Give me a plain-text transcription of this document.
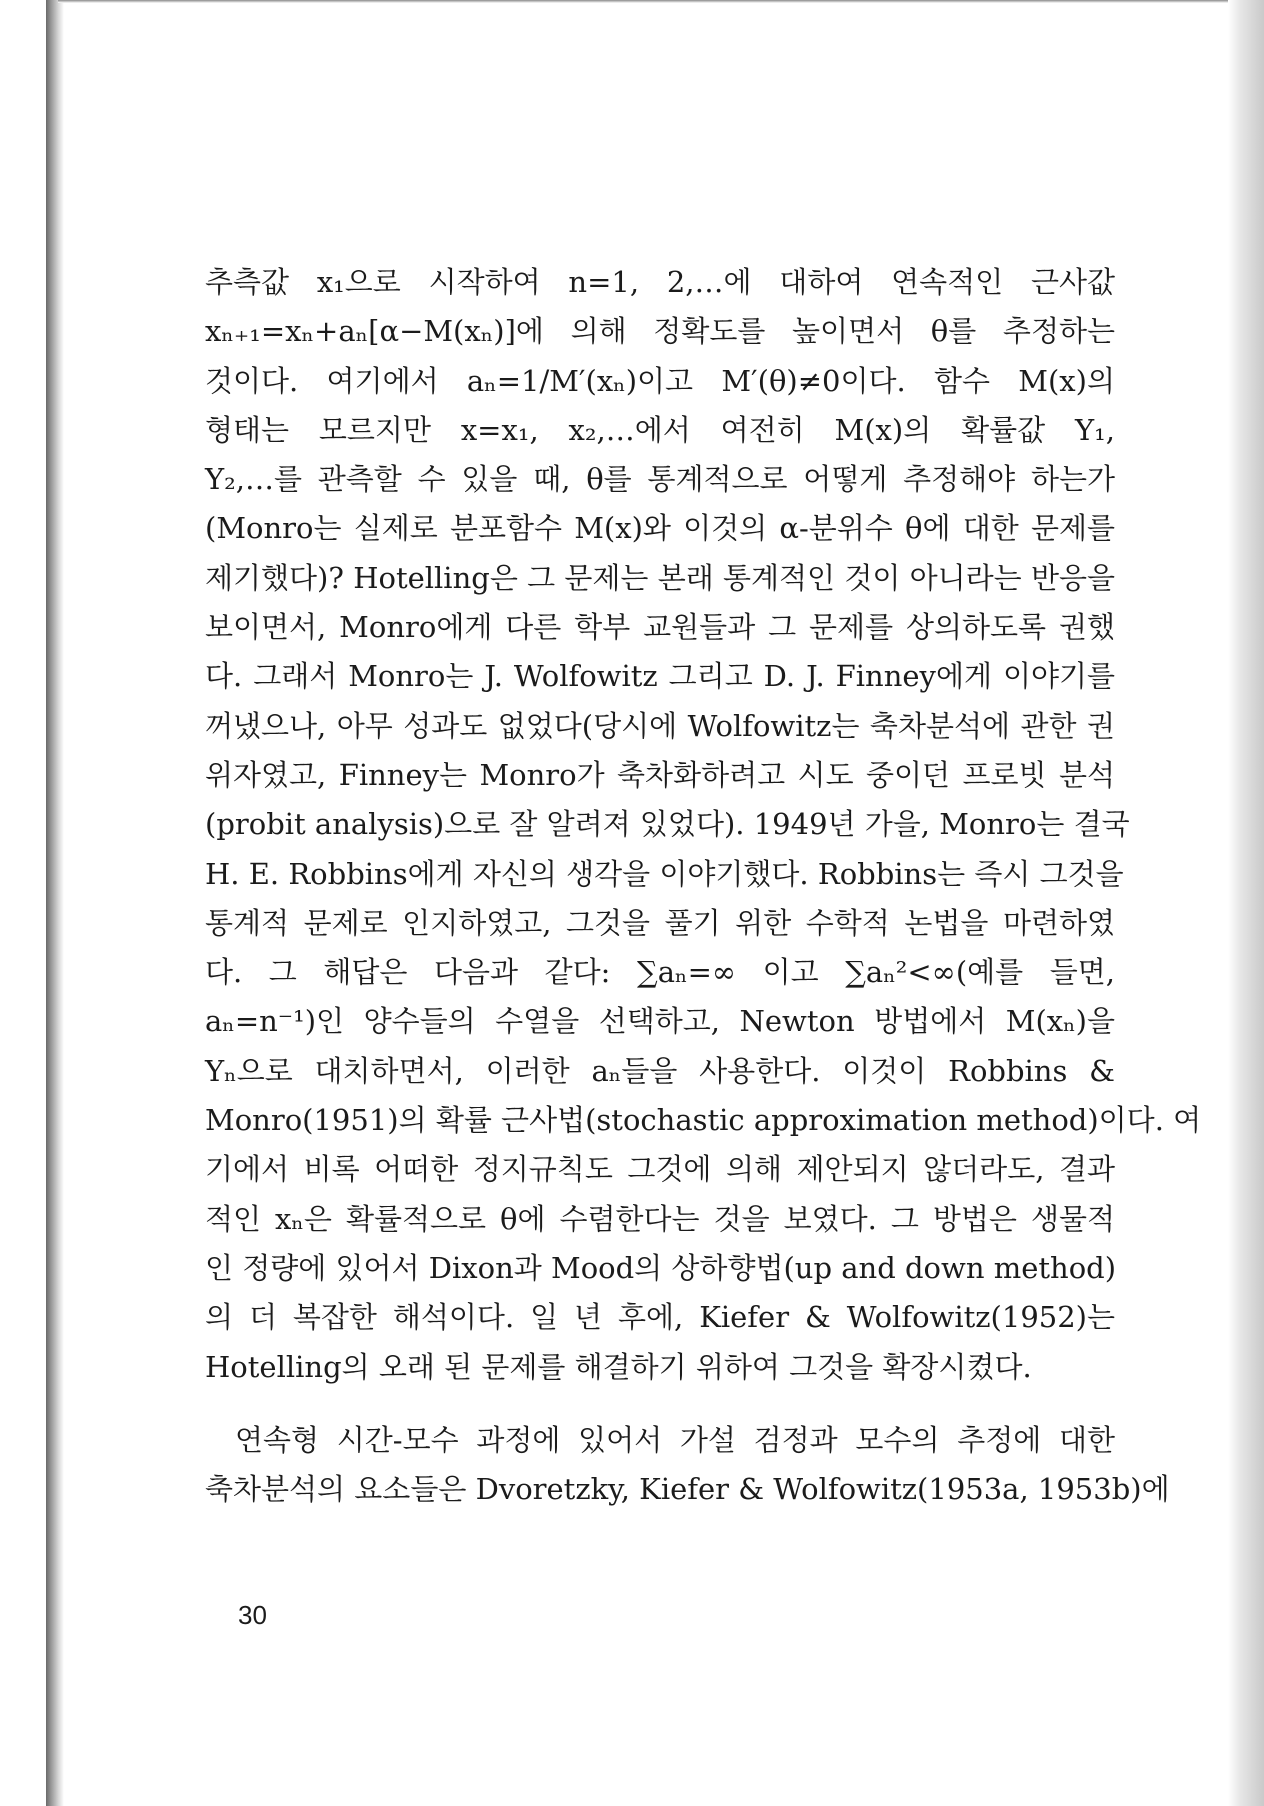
추측값 x₁으로 시작하여 n=1, 2,…에 대하여 연속적인 근사값
xₙ₊₁=xₙ+aₙ[α−M(xₙ)]에 의해 정확도를 높이면서 θ를 추정하는
것이다. 여기에서 aₙ=1/M′(xₙ)이고 M′(θ)≠0이다. 함수 M(x)의
형태는 모르지만 x=x₁, x₂,…에서 여전히 M(x)의 확률값 Y₁,
Y₂,…를 관측할 수 있을 때, θ를 통계적으로 어떻게 추정해야 하는가
(Monro는 실제로 분포함수 M(x)와 이것의 α-분위수 θ에 대한 문제를
제기했다)? Hotelling은 그 문제는 본래 통계적인 것이 아니라는 반응을
보이면서, Monro에게 다른 학부 교원들과 그 문제를 상의하도록 권했
다. 그래서 Monro는 J. Wolfowitz 그리고 D. J. Finney에게 이야기를
꺼냈으나, 아무 성과도 없었다(당시에 Wolfowitz는 축차분석에 관한 권
위자였고, Finney는 Monro가 축차화하려고 시도 중이던 프로빗 분석
(probit analysis)으로 잘 알려져 있었다). 1949년 가을, Monro는 결국
H. E. Robbins에게 자신의 생각을 이야기했다. Robbins는 즉시 그것을
통계적 문제로 인지하였고, 그것을 풀기 위한 수학적 논법을 마련하였
다. 그 해답은 다음과 같다: ∑aₙ=∞ 이고 ∑aₙ²<∞(예를 들면,
aₙ=n⁻¹)인 양수들의 수열을 선택하고, Newton 방법에서 M(xₙ)을
Yₙ으로 대치하면서, 이러한 aₙ들을 사용한다. 이것이 Robbins &
Monro(1951)의 확률 근사법(stochastic approximation method)이다. 여
기에서 비록 어떠한 정지규칙도 그것에 의해 제안되지 않더라도, 결과
적인 xₙ은 확률적으로 θ에 수렴한다는 것을 보였다. 그 방법은 생물적
인 정량에 있어서 Dixon과 Mood의 상하향법(up and down method)
의 더 복잡한 해석이다. 일 년 후에, Kiefer & Wolfowitz(1952)는
Hotelling의 오래 된 문제를 해결하기 위하여 그것을 확장시켰다.
연속형 시간-모수 과정에 있어서 가설 검정과 모수의 추정에 대한
축차분석의 요소들은 Dvoretzky, Kiefer & Wolfowitz(1953a, 1953b)에
30
